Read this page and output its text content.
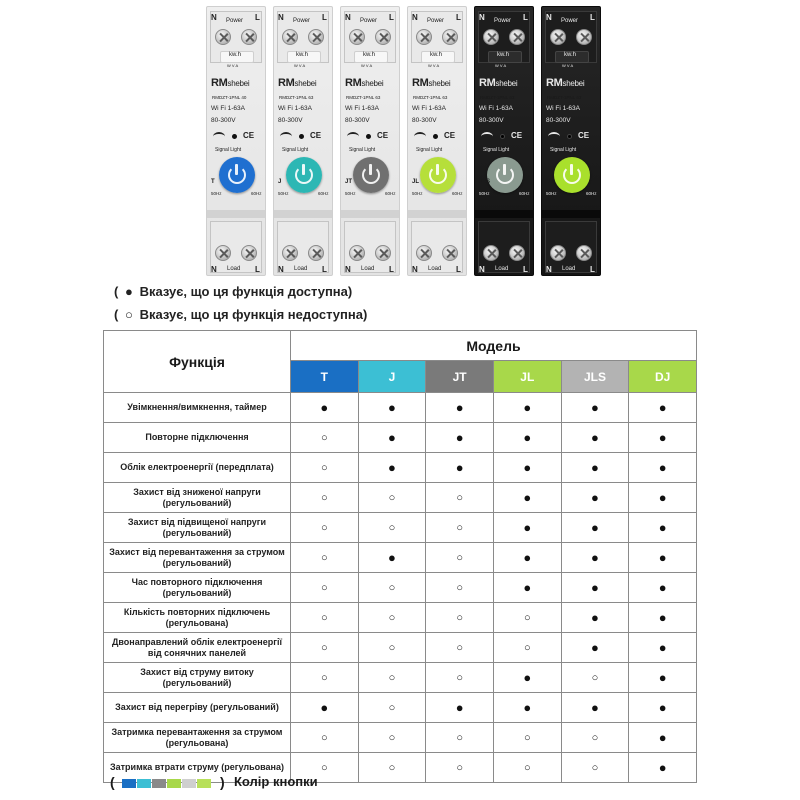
N	L
Power
kw.h
W V A
RMshebei
RMDZT-1PNL 40
Wi Fi 1-63A
80-300V
CE
Signal Light
T
50Hz	60Hz
N	L
Load
N	L
Power
kw.h
W V A
RMshebei
RMDZT-1PNL 63
Wi Fi 1-63A
80-300V
CE
Signal Light
J
50Hz	60Hz
N	L
Load
N	L
Power
kw.h
W V A
RMshebei
RMDZT-1PNL 63
Wi Fi 1-63A
80-300V
CE
Signal Light
JT
50Hz	60Hz
N	L
Load
N	L
Power
kw.h
W V A
RMshebei
RMDZT-1PNL 63
Wi Fi 1-63A
80-300V
CE
Signal Light
JL
50Hz	60Hz
N	L
Load
N	L
Power
kw.h
W V A
RMshebei
RMDZT-1PNL 63
Wi Fi 1-63A
80-300V
CE
Signal Light
JLS
50Hz	60Hz
N	L
Load
N	L
Power
kw.h
W V A
RMshebei
RMDZT-1PNL 63
Wi Fi 1-63A
80-300V
CE
Signal Light
DJ
50Hz	60Hz
N	L
Load
( ● Вказує, що ця функція доступна)
( ○ Вказує, що ця функція недоступна)
Функція	Модель					
	T	J	JT	JL	JLS	DJ
Увімкнення/вимкнення, таймер	●	●	●	●	●	●
Повторне підключення	○	●	●	●	●	●
Облік електроенергії (передплата)	○	●	●	●	●	●
Захист від зниженої напруги (регульований)	○	○	○	●	●	●
Захист від підвищеної напруги (регульований)	○	○	○	●	●	●
Захист від перевантаження за струмом (регульований)	○	●	○	●	●	●
Час повторного підключення (регульований)	○	○	○	●	●	●
Кількість повторних підключень (регульована)	○	○	○	○	●	●
Двонаправлений облік електроенергії від сонячних панелей	○	○	○	○	●	●
Захист від струму витоку (регульований)	○	○	○	●	○	●
Захист від перегріву (регульований)	●	○	●	●	●	●
Затримка перевантаження за струмом (регульована)	○	○	○	○	○	●
Затримка втрати струму (регульована)	○	○	○	○	○	●
(	) Колір кнопки
